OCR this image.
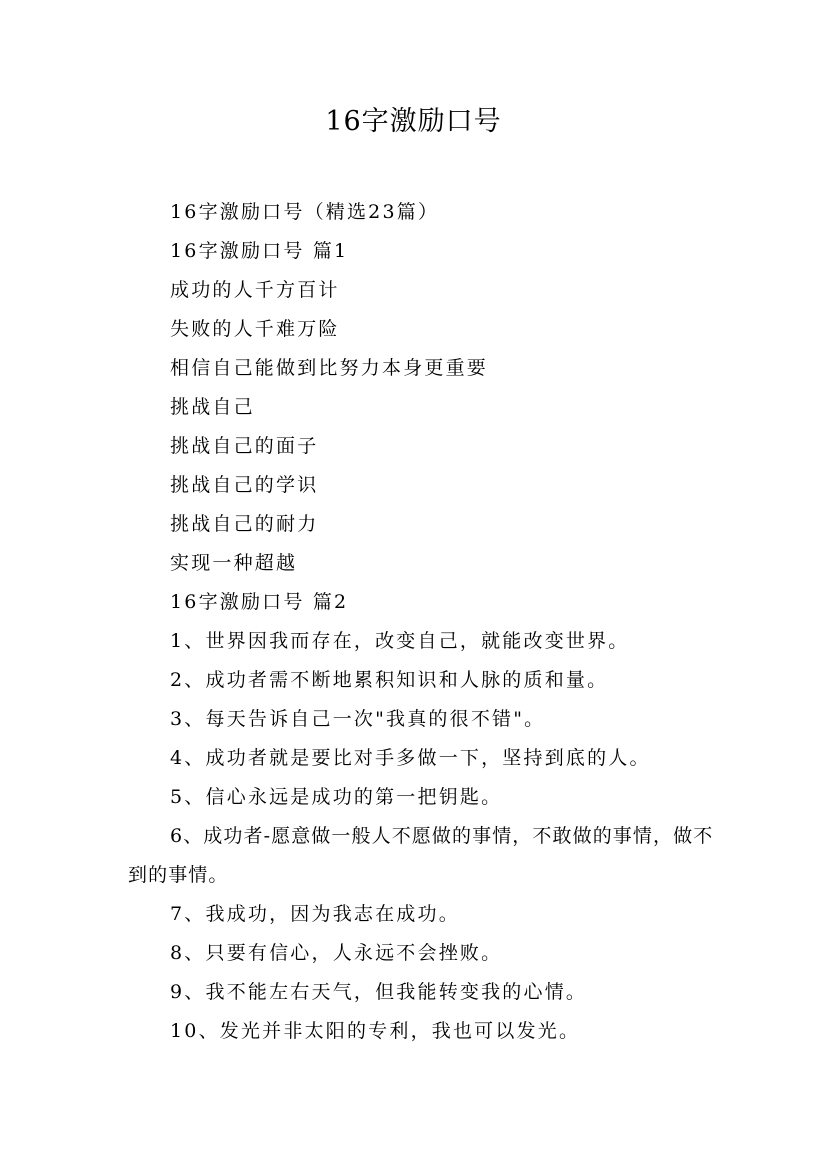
16字激励口号

16字激励口号（精选23篇）

16字激励口号 篇1

成功的人千方百计

失败的人千难万险

相信自己能做到比努力本身更重要

挑战自己

挑战自己的面子

挑战自己的学识

挑战自己的耐力

实现一种超越

16字激励口号 篇2

1、世界因我而存在，改变自己，就能改变世界。

2、成功者需不断地累积知识和人脉的质和量。

3、每天告诉自己一次"我真的很不错"。

4、成功者就是要比对手多做一下，坚持到底的人。

5、信心永远是成功的第一把钥匙。

6、成功者-愿意做一般人不愿做的事情，不敢做的事情，做不到的事情。

7、我成功，因为我志在成功。

8、只要有信心，人永远不会挫败。

9、我不能左右天气，但我能转变我的心情。

10、发光并非太阳的专利，我也可以发光。
